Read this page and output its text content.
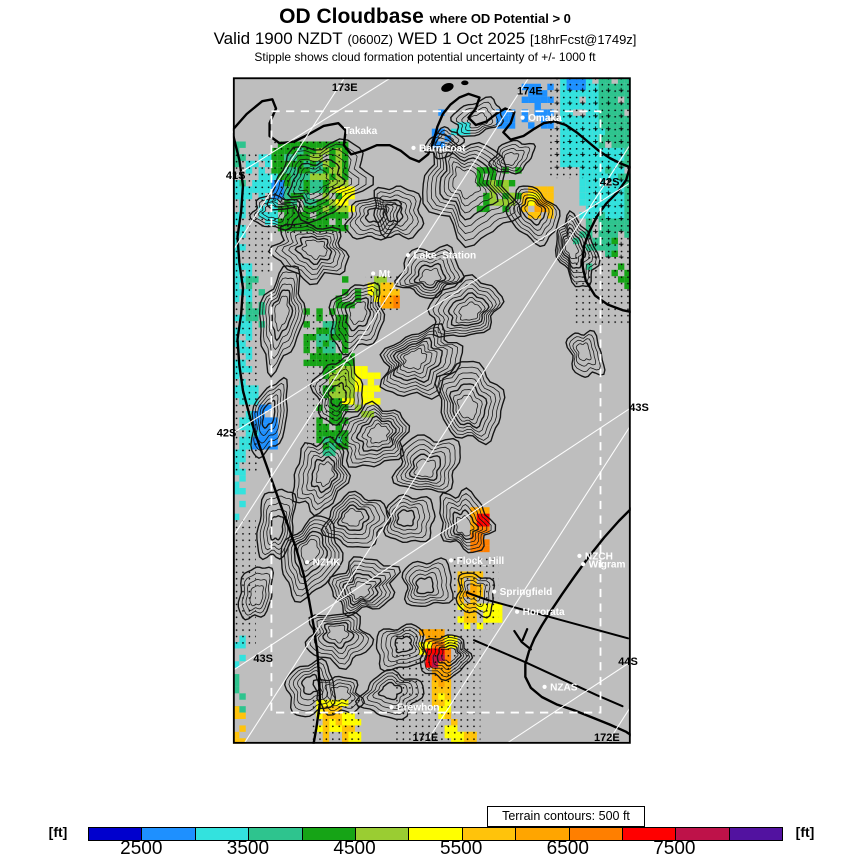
OD Cloudbase where OD Potential > 0
Valid 1900 NZDT (0600Z) WED 1 Oct 2025 [18hrFcst@1749z]
Stipple shows cloud formation potential uncertainty of +/- 1000 ft
Takaka
Omaka
Barnicoat
Lake_Station
Mt
NZHK	Flock_Hill	NZCH
Wigram
Springfield
Hororata
NZAS
Erewhon
173E	174E
41S
42S
42S
43S
43S	44S
171E	172E
Terrain contours: 500 ft
2500	3500	4500	5500	6500	7500
[ft]	[ft]
